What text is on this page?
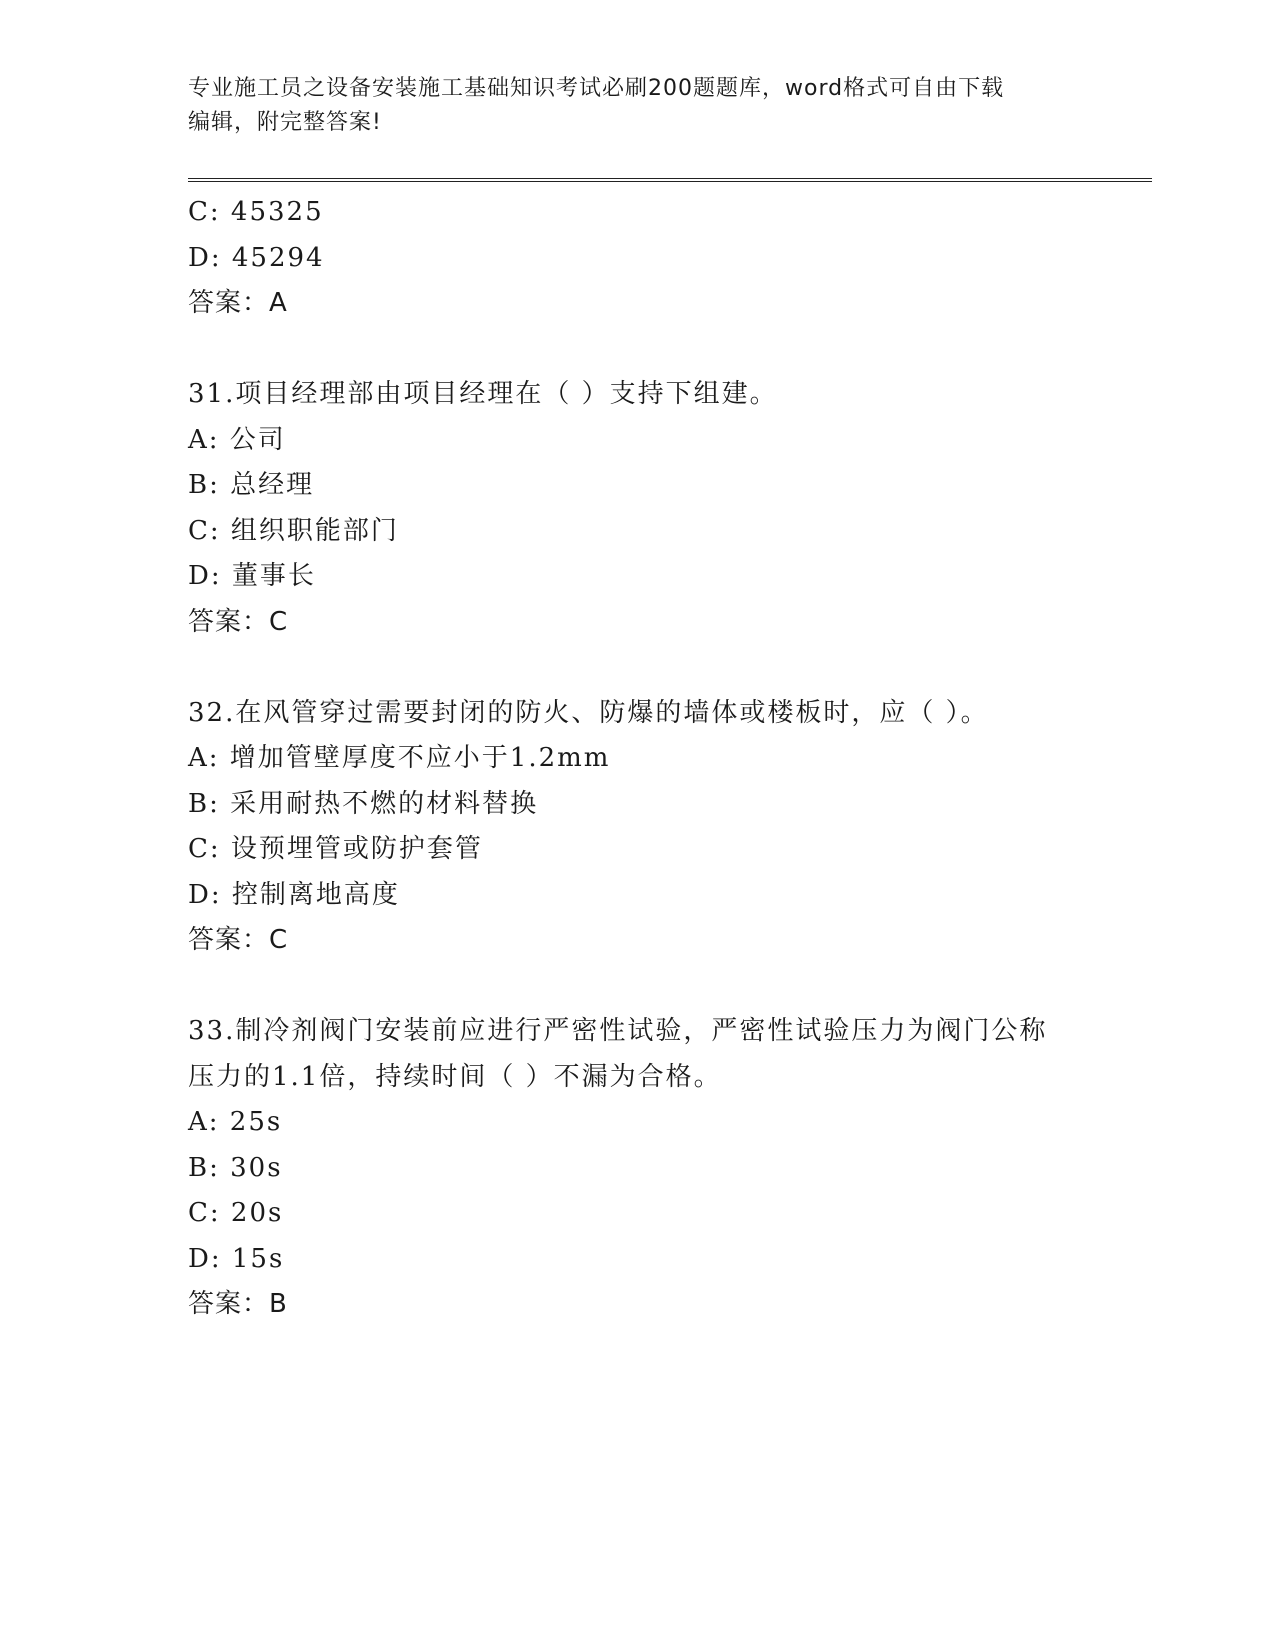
专业施工员之设备安装施工基础知识考试必刷200题题库，word格式可自由下载
编辑，附完整答案!
C: 45325
D: 45294
答案：A
31.项目经理部由项目经理在（ ）支持下组建。
A: 公司
B: 总经理
C: 组织职能部门
D: 董事长
答案：C
32.在风管穿过需要封闭的防火、防爆的墙体或楼板时，应（ ）。
A: 增加管壁厚度不应小于1.2mm
B: 采用耐热不燃的材料替换
C: 设预埋管或防护套管
D: 控制离地高度
答案：C
33.制冷剂阀门安装前应进行严密性试验，严密性试验压力为阀门公称
压力的1.1倍，持续时间（ ）不漏为合格。
A: 25s
B: 30s
C: 20s
D: 15s
答案：B
